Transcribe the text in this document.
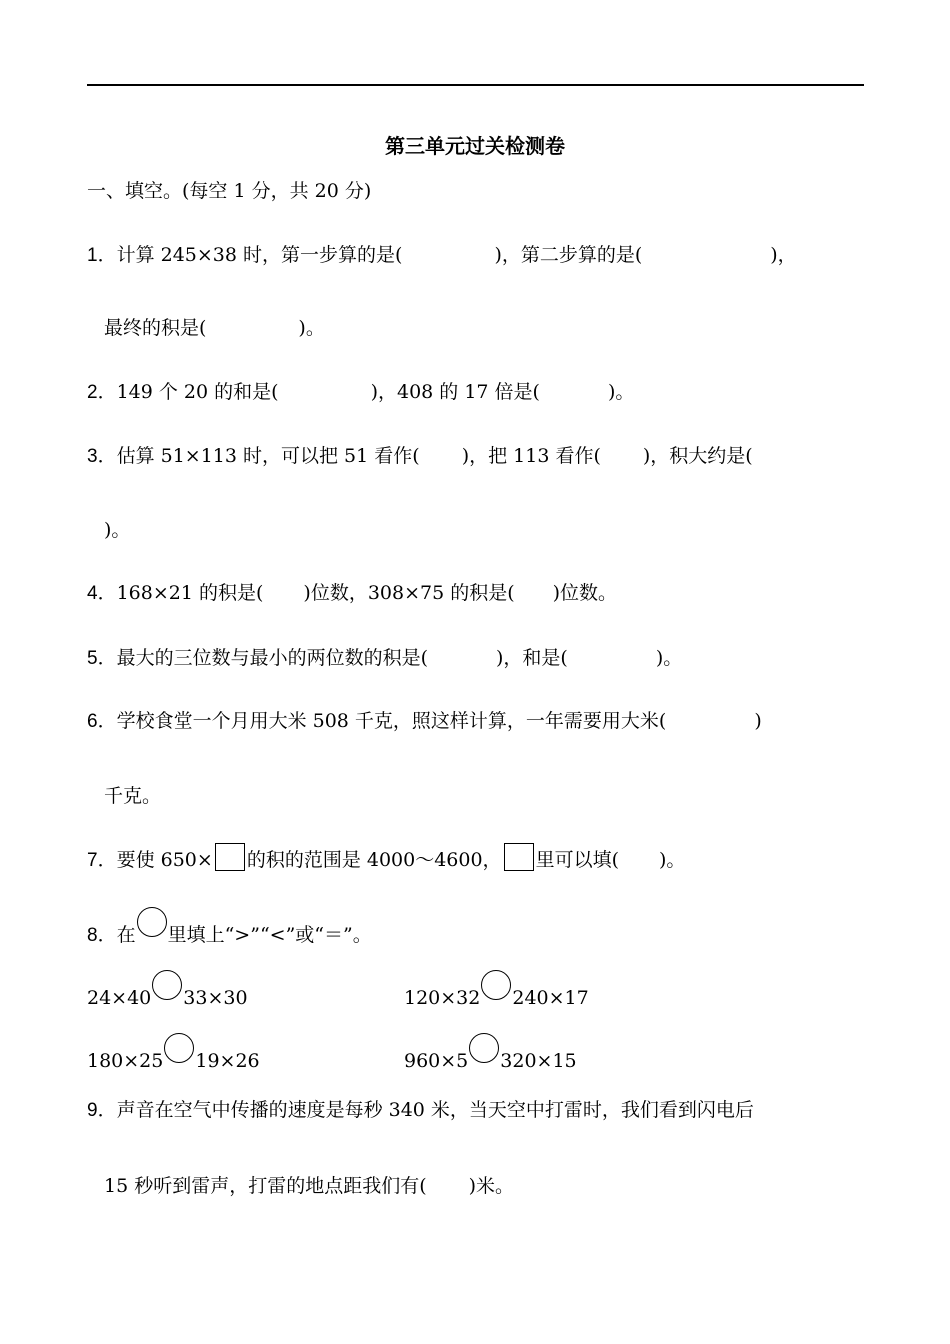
第三单元过关检测卷
一、填空。(每空 1 分，共 20 分)
1．计算 245×38 时，第一步算的是(	)，第二步算的是(	)，
最终的积是(	)。
2．149 个 20 的和是(	)，408 的 17 倍是(	)。
3．估算 51×113 时，可以把 51 看作( )，把 113 看作( )，积大约是(
)。
4．168×21 的积是( )位数，308×75 的积是( )位数。
5．最大的三位数与最小的两位数的积是(	)，和是(	)。
6．学校食堂一个月用大米 508 千克，照这样计算，一年需要用大米(	)
千克。
7．要使 650× 的积的范围是 4000～4600， 里可以填( )。
8．在 里填上“>”“<”或“＝”。
24×40 33×30	120×32 240×17
180×25 19×26	960×5 320×15
9．声音在空气中传播的速度是每秒 340 米，当天空中打雷时，我们看到闪电后
15 秒听到雷声，打雷的地点距我们有( )米。
